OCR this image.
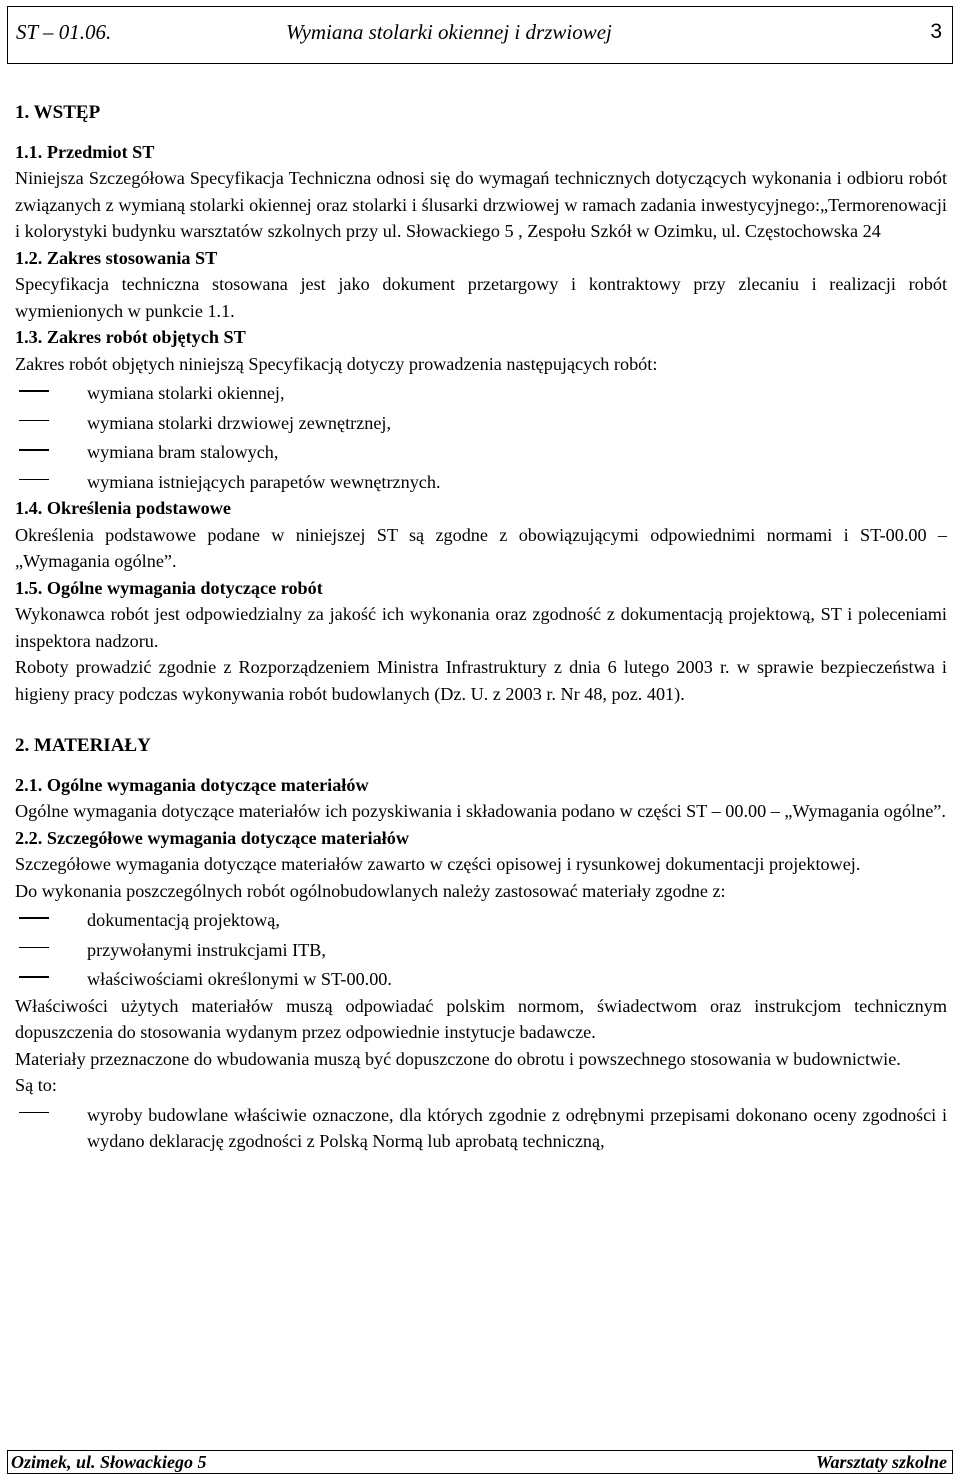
ST – 01.06.	Wymiana stolarki okiennej i drzwiowej	3
1. WSTĘP
1.1. Przedmiot ST

Niniejsza Szczegółowa Specyfikacja Techniczna odnosi się do wymagań technicznych dotyczących wykonania i odbioru robót związanych z wymianą stolarki okiennej oraz stolarki i ślusarki drzwiowej w ramach zadania inwestycyjnego:„Termorenowacji i kolorystyki budynku warsztatów szkolnych przy ul. Słowackiego 5 , Zespołu Szkół w Ozimku, ul. Częstochowska 24

1.2. Zakres stosowania ST

Specyfikacja techniczna stosowana jest jako dokument przetargowy i kontraktowy przy zlecaniu i realizacji robót wymienionych w punkcie 1.1.

1.3. Zakres robót objętych ST

Zakres robót objętych niniejszą Specyfikacją dotyczy prowadzenia następujących robót:

wymiana stolarki okiennej,
wymiana stolarki drzwiowej zewnętrznej,
wymiana bram stalowych,
wymiana istniejących parapetów wewnętrznych.
1.4. Określenia podstawowe

Określenia podstawowe podane w niniejszej ST są zgodne z obowiązującymi odpowiednimi normami i ST-00.00 – „Wymagania ogólne”.

1.5. Ogólne wymagania dotyczące robót

Wykonawca robót jest odpowiedzialny za jakość ich wykonania oraz zgodność z dokumentacją projektową, ST i poleceniami inspektora nadzoru.

Roboty prowadzić zgodnie z Rozporządzeniem Ministra Infrastruktury z dnia 6 lutego 2003 r. w sprawie bezpieczeństwa i higieny pracy podczas wykonywania robót budowlanych (Dz. U. z 2003 r. Nr 48, poz. 401).

2. MATERIAŁY
2.1. Ogólne wymagania dotyczące materiałów

Ogólne wymagania dotyczące materiałów ich pozyskiwania i składowania podano w części ST – 00.00 – „Wymagania ogólne”.

2.2. Szczegółowe wymagania dotyczące materiałów

Szczegółowe wymagania dotyczące materiałów zawarto w części opisowej i rysunkowej dokumentacji projektowej.

Do wykonania poszczególnych robót ogólnobudowlanych należy zastosować materiały zgodne z:

dokumentacją projektową,
przywołanymi instrukcjami ITB,
właściwościami określonymi w ST-00.00.

Właściwości użytych materiałów muszą odpowiadać polskim normom, świadectwom oraz instrukcjom technicznym dopuszczenia do stosowania wydanym przez odpowiednie instytucje badawcze.

Materiały przeznaczone do wbudowania muszą być dopuszczone do obrotu i powszechnego stosowania w budownictwie.

Są to:

wyroby budowlane właściwie oznaczone, dla których zgodnie z odrębnymi przepisami dokonano oceny zgodności i wydano deklarację zgodności z Polską Normą lub aprobatą techniczną,
Ozimek, ul. Słowackiego 5	Warsztaty szkolne
